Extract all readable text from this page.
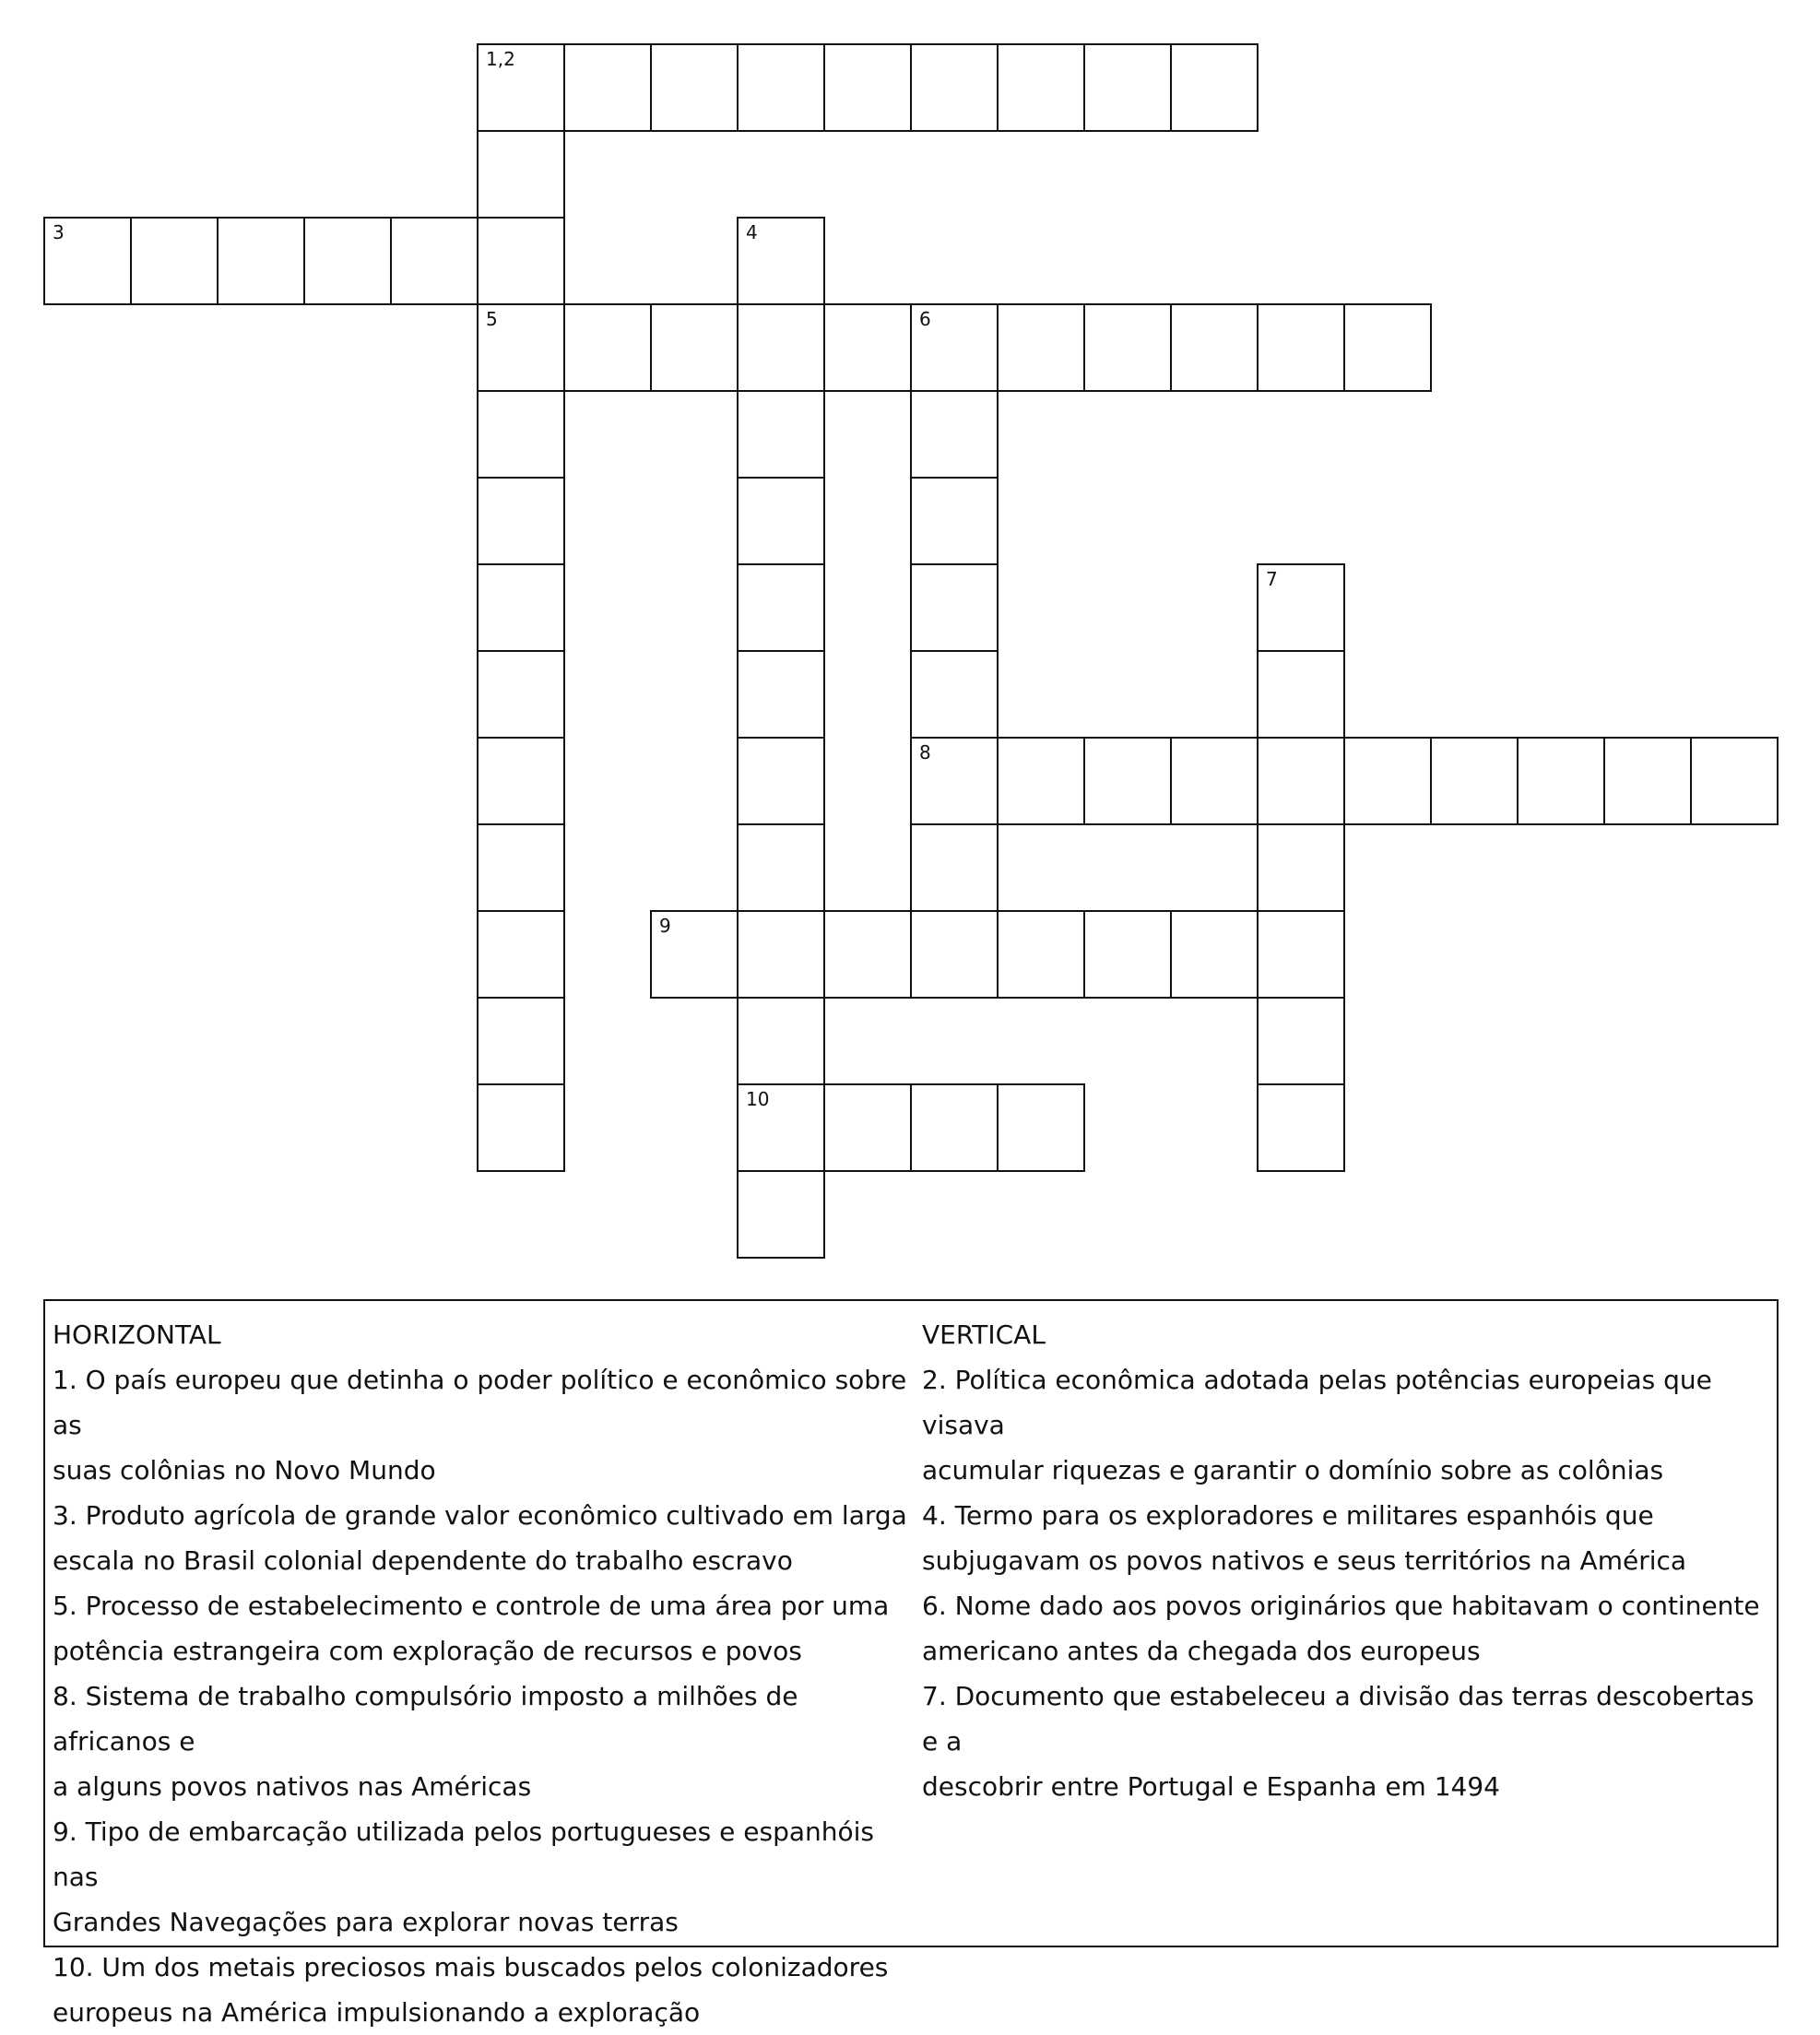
1,2
3	4
5	6
7
8
9
10
HORIZONTAL
1. O país europeu que detinha o poder político e econômico sobre as
suas colônias no Novo Mundo
3. Produto agrícola de grande valor econômico cultivado em larga
escala no Brasil colonial dependente do trabalho escravo
5. Processo de estabelecimento e controle de uma área por uma
potência estrangeira com exploração de recursos e povos
8. Sistema de trabalho compulsório imposto a milhões de africanos e
a alguns povos nativos nas Américas
9. Tipo de embarcação utilizada pelos portugueses e espanhóis nas
Grandes Navegações para explorar novas terras
10. Um dos metais preciosos mais buscados pelos colonizadores
europeus na América impulsionando a exploração
VERTICAL
2. Política econômica adotada pelas potências europeias que visava
acumular riquezas e garantir o domínio sobre as colônias
4. Termo para os exploradores e militares espanhóis que
subjugavam os povos nativos e seus territórios na América
6. Nome dado aos povos originários que habitavam o continente
americano antes da chegada dos europeus
7. Documento que estabeleceu a divisão das terras descobertas e a
descobrir entre Portugal e Espanha em 1494
